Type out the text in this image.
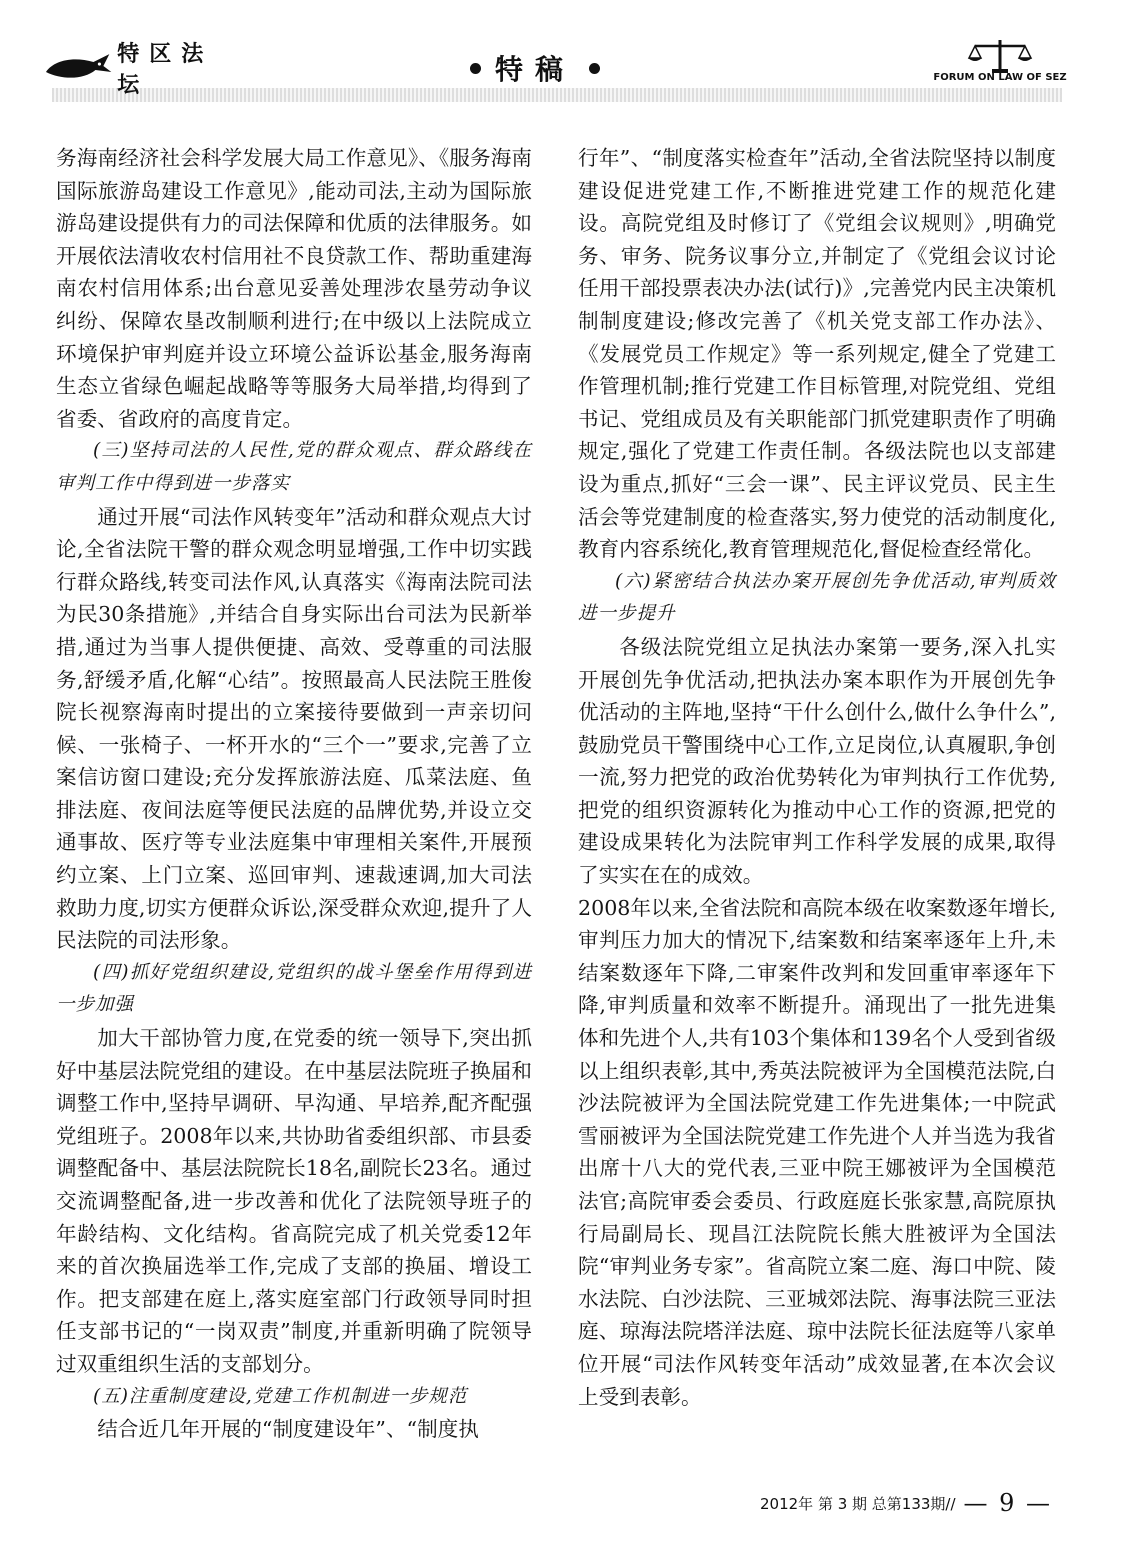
特区法坛	特稿	FORUM ON LAW OF SEZ

务海南经济社会科学发展大局工作意见》、《服务海南国际旅游岛建设工作意见》,能动司法,主动为国际旅游岛建设提供有力的司法保障和优质的法律服务。如开展依法清收农村信用社不良贷款工作、帮助重建海南农村信用体系;出台意见妥善处理涉农垦劳动争议纠纷、保障农垦改制顺利进行;在中级以上法院成立环境保护审判庭并设立环境公益诉讼基金,服务海南生态立省绿色崛起战略等等服务大局举措,均得到了省委、省政府的高度肯定。

(三)坚持司法的人民性,党的群众观点、群众路线在审判工作中得到进一步落实

通过开展“司法作风转变年”活动和群众观点大讨论,全省法院干警的群众观念明显增强,工作中切实践行群众路线,转变司法作风,认真落实《海南法院司法为民30条措施》,并结合自身实际出台司法为民新举措,通过为当事人提供便捷、高效、受尊重的司法服务,舒缓矛盾,化解“心结”。按照最高人民法院王胜俊院长视察海南时提出的立案接待要做到一声亲切问候、一张椅子、一杯开水的“三个一”要求,完善了立案信访窗口建设;充分发挥旅游法庭、瓜菜法庭、鱼排法庭、夜间法庭等便民法庭的品牌优势,并设立交通事故、医疗等专业法庭集中审理相关案件,开展预约立案、上门立案、巡回审判、速裁速调,加大司法救助力度,切实方便群众诉讼,深受群众欢迎,提升了人民法院的司法形象。

(四)抓好党组织建设,党组织的战斗堡垒作用得到进一步加强

加大干部协管力度,在党委的统一领导下,突出抓好中基层法院党组的建设。在中基层法院班子换届和调整工作中,坚持早调研、早沟通、早培养,配齐配强党组班子。2008年以来,共协助省委组织部、市县委调整配备中、基层法院院长18名,副院长23名。通过交流调整配备,进一步改善和优化了法院领导班子的年龄结构、文化结构。省高院完成了机关党委12年来的首次换届选举工作,完成了支部的换届、增设工作。把支部建在庭上,落实庭室部门行政领导同时担任支部书记的“一岗双责”制度,并重新明确了院领导过双重组织生活的支部划分。

(五)注重制度建设,党建工作机制进一步规范

结合近几年开展的“制度建设年”、“制度执

行年”、“制度落实检查年”活动,全省法院坚持以制度建设促进党建工作,不断推进党建工作的规范化建设。高院党组及时修订了《党组会议规则》,明确党务、审务、院务议事分立,并制定了《党组会议讨论任用干部投票表决办法(试行)》,完善党内民主决策机制制度建设;修改完善了《机关党支部工作办法》、《发展党员工作规定》等一系列规定,健全了党建工作管理机制;推行党建工作目标管理,对院党组、党组书记、党组成员及有关职能部门抓党建职责作了明确规定,强化了党建工作责任制。各级法院也以支部建设为重点,抓好“三会一课”、民主评议党员、民主生活会等党建制度的检查落实,努力使党的活动制度化,教育内容系统化,教育管理规范化,督促检查经常化。

(六)紧密结合执法办案开展创先争优活动,审判质效进一步提升

各级法院党组立足执法办案第一要务,深入扎实开展创先争优活动,把执法办案本职作为开展创先争优活动的主阵地,坚持“干什么创什么,做什么争什么”,鼓励党员干警围绕中心工作,立足岗位,认真履职,争创一流,努力把党的政治优势转化为审判执行工作优势,把党的组织资源转化为推动中心工作的资源,把党的建设成果转化为法院审判工作科学发展的成果,取得了实实在在的成效。

2008年以来,全省法院和高院本级在收案数逐年增长,审判压力加大的情况下,结案数和结案率逐年上升,未结案数逐年下降,二审案件改判和发回重审率逐年下降,审判质量和效率不断提升。涌现出了一批先进集体和先进个人,共有103个集体和139名个人受到省级以上组织表彰,其中,秀英法院被评为全国模范法院,白沙法院被评为全国法院党建工作先进集体;一中院武雪丽被评为全国法院党建工作先进个人并当选为我省出席十八大的党代表,三亚中院王娜被评为全国模范法官;高院审委会委员、行政庭庭长张家慧,高院原执行局副局长、现昌江法院院长熊大胜被评为全国法院“审判业务专家”。省高院立案二庭、海口中院、陵水法院、白沙法院、三亚城郊法院、海事法院三亚法庭、琼海法院塔洋法庭、琼中法院长征法庭等八家单位开展“司法作风转变年活动”成效显著,在本次会议上受到表彰。

2012年 第 3 期 总第133期// — 9 —
